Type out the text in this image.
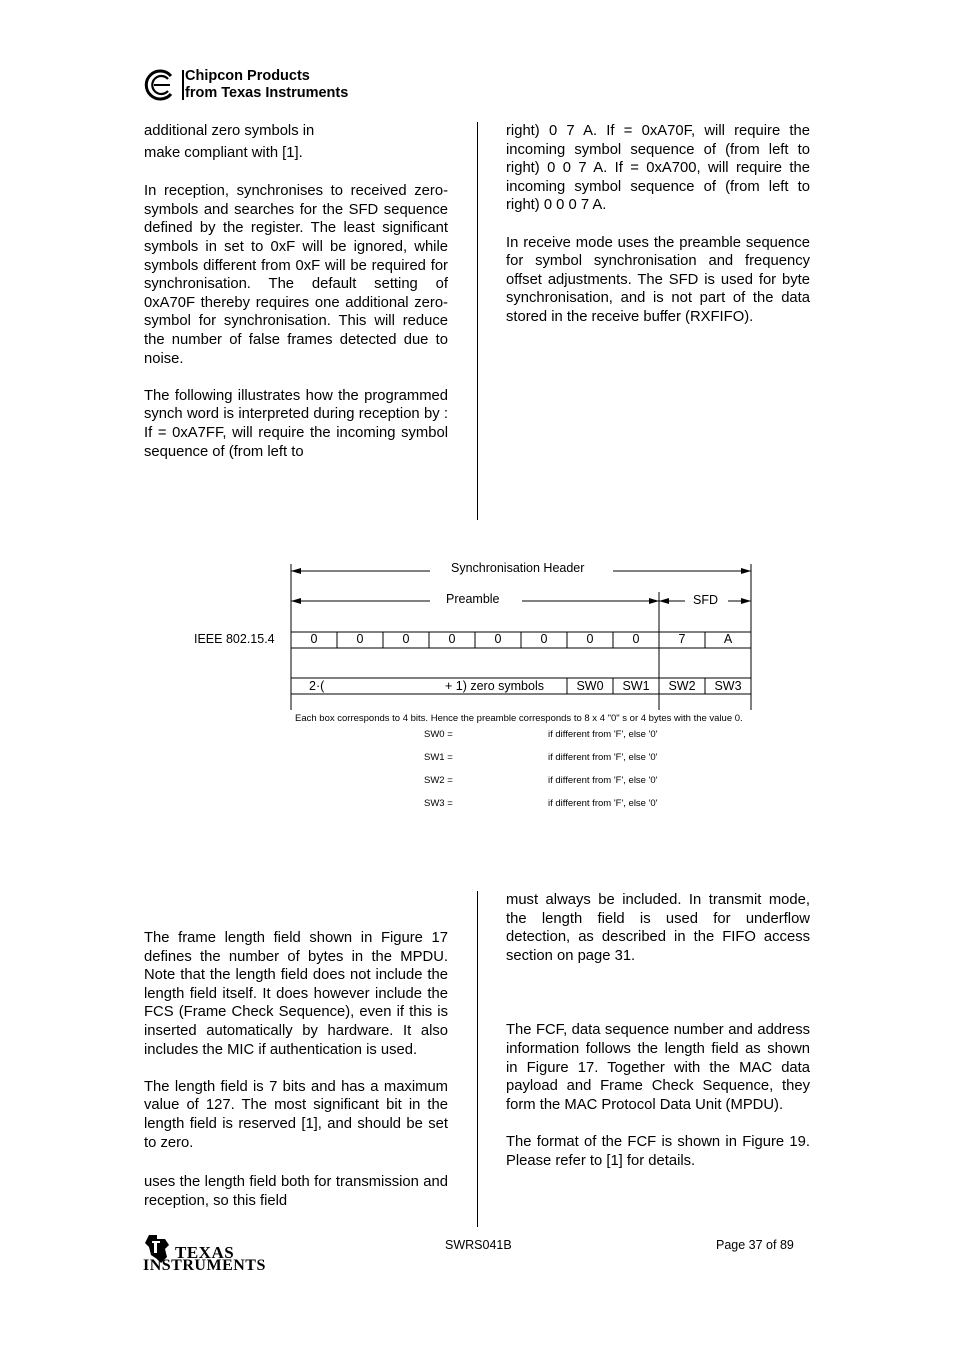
Chipcon Products
from Texas Instruments

additional zero symbols in

make compliant with [1].

In reception, synchronises to received zero-symbols and searches for the SFD sequence defined by the register. The least significant symbols in set to 0xF will be ignored, while symbols different from 0xF will be required for synchronisation. The default setting of 0xA70F thereby requires one additional zero-symbol for synchronisation. This will reduce the number of false frames detected due to noise.

The following illustrates how the programmed synch word is interpreted during reception by : If = 0xA7FF, will require the incoming symbol sequence of (from left to

right) 0 7 A. If = 0xA70F, will require the incoming symbol sequence of (from left to right) 0 0 7 A. If = 0xA700, will require the incoming symbol sequence of (from left to right) 0 0 0 7 A.

In receive mode uses the preamble sequence for symbol synchronisation and frequency offset adjustments. The SFD is used for byte synchronisation, and is not part of the data stored in the receive buffer (RXFIFO).

Synchronisation Header
Preamble	SFD
IEEE 802.15.4	0	0	0	0	0	0	0	0	7	A
2·(	+ 1) zero symbols	SW0	SW1	SW2	SW3
Each box corresponds to 4 bits. Hence the preamble corresponds to 8 x 4 "0" s or 4 bytes with the value 0.
SW0 =	if different from 'F', else '0'
SW1 =	if different from 'F', else '0'
SW2 =	if different from 'F', else '0'
SW3 =	if different from 'F', else '0'

The frame length field shown in Figure 17 defines the number of bytes in the MPDU. Note that the length field does not include the length field itself. It does however include the FCS (Frame Check Sequence), even if this is inserted automatically by hardware. It also includes the MIC if authentication is used.

The length field is 7 bits and has a maximum value of 127. The most significant bit in the length field is reserved [1], and should be set to zero.

uses the length field both for transmission and reception, so this field

must always be included. In transmit mode, the length field is used for underflow detection, as described in the FIFO access section on page 31.

The FCF, data sequence number and address information follows the length field as shown in Figure 17. Together with the MAC data payload and Frame Check Sequence, they form the MAC Protocol Data Unit (MPDU).

The format of the FCF is shown in Figure 19. Please refer to [1] for details.

TEXAS
INSTRUMENTS
SWRS041B	Page 37 of 89
